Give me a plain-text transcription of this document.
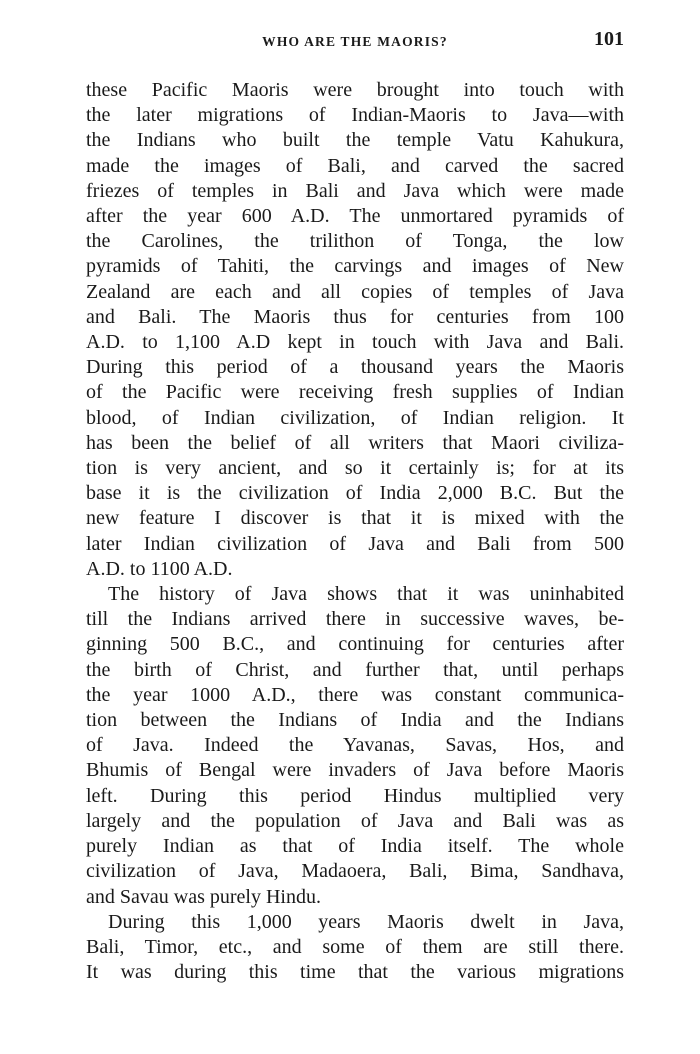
WHO ARE THE MAORIS?	101
these Pacific Maoris were brought into touch with
the later migrations of Indian-Maoris to Java—with
the Indians who built the temple Vatu Kahukura,
made the images of Bali, and carved the sacred
friezes of temples in Bali and Java which were made
after the year 600 A.D. The unmortared pyramids of
the Carolines, the trilithon of Tonga, the low
pyramids of Tahiti, the carvings and images of New
Zealand are each and all copies of temples of Java
and Bali. The Maoris thus for centuries from 100
A.D. to 1,100 A.D kept in touch with Java and Bali.
During this period of a thousand years the Maoris
of the Pacific were receiving fresh supplies of Indian
blood, of Indian civilization, of Indian religion. It
has been the belief of all writers that Maori civiliza-
tion is very ancient, and so it certainly is; for at its
base it is the civilization of India 2,000 B.C. But the
new feature I discover is that it is mixed with the
later Indian civilization of Java and Bali from 500
A.D. to 1100 A.D.
The history of Java shows that it was uninhabited
till the Indians arrived there in successive waves, be-
ginning 500 B.C., and continuing for centuries after
the birth of Christ, and further that, until perhaps
the year 1000 A.D., there was constant communica-
tion between the Indians of India and the Indians
of Java. Indeed the Yavanas, Savas, Hos, and
Bhumis of Bengal were invaders of Java before Maoris
left. During this period Hindus multiplied very
largely and the population of Java and Bali was as
purely Indian as that of India itself. The whole
civilization of Java, Madaoera, Bali, Bima, Sandhava,
and Savau was purely Hindu.
During this 1,000 years Maoris dwelt in Java,
Bali, Timor, etc., and some of them are still there.
It was during this time that the various migrations
